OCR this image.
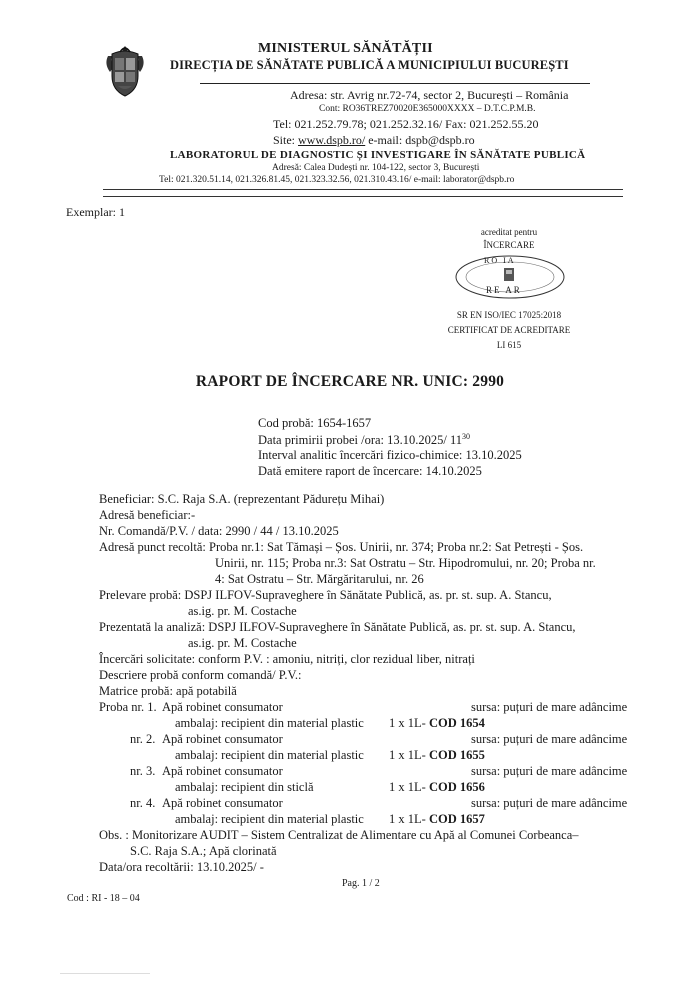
MINISTERUL SĂNĂTĂȚII
DIRECȚIA DE SĂNĂTATE PUBLICĂ A MUNICIPIULUI BUCUREȘTI
Adresa: str. Avrig nr.72-74, sector 2, București – România
Cont: RO36TREZ70020E365000XXXX – D.T.C.P.M.B.
Tel: 021.252.79.78; 021.252.32.16/ Fax: 021.252.55.20
Site: www.dspb.ro/ e-mail: dspb@dspb.ro
LABORATORUL DE DIAGNOSTIC ȘI INVESTIGARE ÎN SĂNĂTATE PUBLICĂ
Adresă: Calea Dudești nr. 104-122, sector 3, București
Tel: 021.320.51.14, 021.326.81.45, 021.323.32.56, 021.310.43.16/ e-mail: laborator@dspb.ro
Exemplar: 1
acreditat pentru
ÎNCERCARE
RO IA
RE AR
SR EN ISO/IEC 17025:2018
CERTIFICAT DE ACREDITARE
LI 615
RAPORT DE ÎNCERCARE NR. UNIC: 2990
Cod probă: 1654-1657
Data primirii probei /ora: 13.10.2025/ $11^{30}$
Interval analitic încercări fizico-chimice: 13.10.2025
Dată emitere raport de încercare: 14.10.2025
Beneficiar: S.C. Raja S.A. (reprezentant Pădurețu Mihai)
Adresă beneficiar:-
Nr. Comandă/P.V. / data: 2990 / 44 / 13.10.2025
Adresă punct recoltă: Proba nr.1: Sat Tămași – Șos. Unirii, nr. 374; Proba nr.2: Sat Petrești - Șos.
Unirii, nr. 115; Proba nr.3: Sat Ostratu – Str. Hipodromului, nr. 20; Proba nr.
4: Sat Ostratu – Str. Mărgăritarului, nr. 26
Prelevare probă: DSPJ ILFOV-Supraveghere în Sănătate Publică, as. pr. st. sup. A. Stancu,
as.ig. pr. M. Costache
Prezentată la analiză: DSPJ ILFOV-Supraveghere în Sănătate Publică, as. pr. st. sup. A. Stancu,
as.ig. pr. M. Costache
Încercări solicitate: conform P.V. : amoniu, nitriți, clor rezidual liber, nitrați
Descriere probă conform comandă/ P.V.:
Matrice probă: apă potabilă
Proba nr. 1. Apă robinet consumator	sursa: puțuri de mare adâncime
ambalaj: recipient din material plastic 1 x 1L- COD 1654
nr. 2. Apă robinet consumator	sursa: puțuri de mare adâncime
ambalaj: recipient din material plastic 1 x 1L- COD 1655
nr. 3. Apă robinet consumator	sursa: puțuri de mare adâncime
ambalaj: recipient din sticlă	1 x 1L- COD 1656
nr. 4. Apă robinet consumator	sursa: puțuri de mare adâncime
ambalaj: recipient din material plastic 1 x 1L- COD 1657
Obs. : Monitorizare AUDIT – Sistem Centralizat de Alimentare cu Apă al Comunei Corbeanca–
S.C. Raja S.A.; Apă clorinată
Data/ora recoltării: 13.10.2025/ -
Pag. 1 / 2
Cod : RI - 18 – 04
